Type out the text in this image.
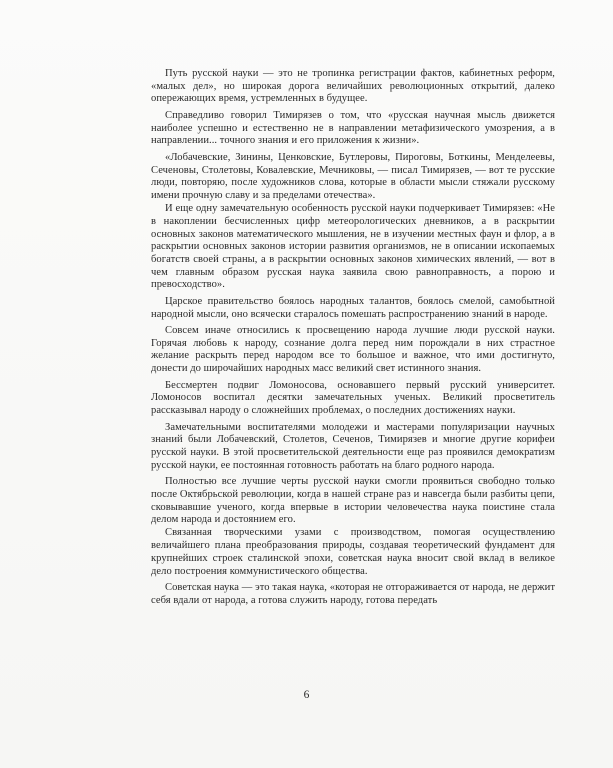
Путь русской науки — это не тропинка регистрации фактов, кабинетных реформ, «малых дел», но широкая дорога величайших революционных открытий, далеко опережающих время, устремленных в будущее.

Справедливо говорил Тимирязев о том, что «русская научная мысль движется наиболее успешно и естественно не в направлении метафизического умозрения, а в направлении... точного знания и его приложения к жизни».

«Лобачевские, Зинины, Ценковские, Бутлеровы, Пироговы, Боткины, Менделеевы, Сеченовы, Столетовы, Ковалевские, Мечниковы, — писал Тимирязев, — вот те русские люди, повторяю, после художников слова, которые в области мысли стяжали русскому имени прочную славу и за пределами отечества».

И еще одну замечательную особенность русской науки подчеркивает Тимирязев: «Не в накоплении бесчисленных цифр метеорологических дневников, а в раскрытии основных законов математического мышления, не в изучении местных фаун и флор, а в раскрытии основных законов истории развития организмов, не в описании ископаемых богатств своей страны, а в раскрытии основных законов химических явлений, — вот в чем главным образом русская наука заявила свою равноправность, а порою и превосходство».

Царское правительство боялось народных талантов, боялось смелой, самобытной народной мысли, оно всячески старалось помешать распространению знаний в народе.

Совсем иначе относились к просвещению народа лучшие люди русской науки. Горячая любовь к народу, сознание долга перед ним порождали в них страстное желание раскрыть перед народом все то большое и важное, что ими достигнуто, донести до широчайших народных масс великий свет истинного знания.

Бессмертен подвиг Ломоносова, основавшего первый русский университет. Ломоносов воспитал десятки замечательных ученых. Великий просветитель рассказывал народу о сложнейших проблемах, о последних достижениях науки.

Замечательными воспитателями молодежи и мастерами популяризации научных знаний были Лобачевский, Столетов, Сеченов, Тимирязев и многие другие корифеи русской науки. В этой просветительской деятельности еще раз проявился демократизм русской науки, ее постоянная готовность работать на благо родного народа.

Полностью все лучшие черты русской науки смогли проявиться свободно только после Октябрьской революции, когда в нашей стране раз и навсегда были разбиты цепи, сковывавшие ученого, когда впервые в истории человечества наука поистине стала делом народа и достоянием его.

Связанная творческими узами с производством, помогая осуществлению величайшего плана преобразования природы, создавая теоретический фундамент для крупнейших строек сталинской эпохи, советская наука вносит свой вклад в великое дело построения коммунистического общества.

Советская наука — это такая наука, «которая не отгораживается от народа, не держит себя вдали от народа, а готова служить народу, готова передать

6
